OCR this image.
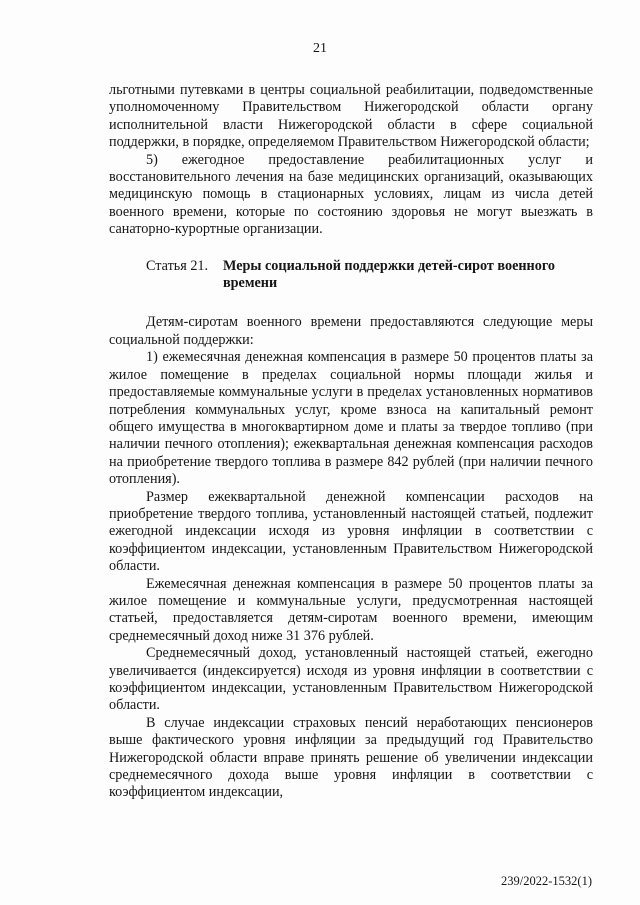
21

льготными путевками в центры социальной реабилитации, подведомственные уполномоченному Правительством Нижегородской области органу исполнительной власти Нижегородской области в сфере социальной поддержки, в порядке, определяемом Правительством Нижегородской области;

5) ежегодное предоставление реабилитационных услуг и восстановительного лечения на базе медицинских организаций, оказывающих медицинскую помощь в стационарных условиях, лицам из числа детей военного времени, которые по состоянию здоровья не могут выезжать в санаторно-курортные организации.

Статья 21.	Меры социальной поддержки детей-сирот военного времени

Детям-сиротам военного времени предоставляются следующие меры социальной поддержки:

1) ежемесячная денежная компенсация в размере 50 процентов платы за жилое помещение в пределах социальной нормы площади жилья и предоставляемые коммунальные услуги в пределах установленных нормативов потребления коммунальных услуг, кроме взноса на капитальный ремонт общего имущества в многоквартирном доме и платы за твердое топливо (при наличии печного отопления); ежеквартальная денежная компенсация расходов на приобретение твердого топлива в размере 842 рублей (при наличии печного отопления).

Размер ежеквартальной денежной компенсации расходов на приобретение твердого топлива, установленный настоящей статьей, подлежит ежегодной индексации исходя из уровня инфляции в соответствии с коэффициентом индексации, установленным Правительством Нижегородской области.

Ежемесячная денежная компенсация в размере 50 процентов платы за жилое помещение и коммунальные услуги, предусмотренная настоящей статьей, предоставляется детям-сиротам военного времени, имеющим среднемесячный доход ниже 31 376 рублей.

Среднемесячный доход, установленный настоящей статьей, ежегодно увеличивается (индексируется) исходя из уровня инфляции в соответствии с коэффициентом индексации, установленным Правительством Нижегородской области.

В случае индексации страховых пенсий неработающих пенсионеров выше фактического уровня инфляции за предыдущий год Правительство Нижегородской области вправе принять решение об увеличении индексации среднемесячного дохода выше уровня инфляции в соответствии с коэффициентом индексации,

239/2022-1532(1)
